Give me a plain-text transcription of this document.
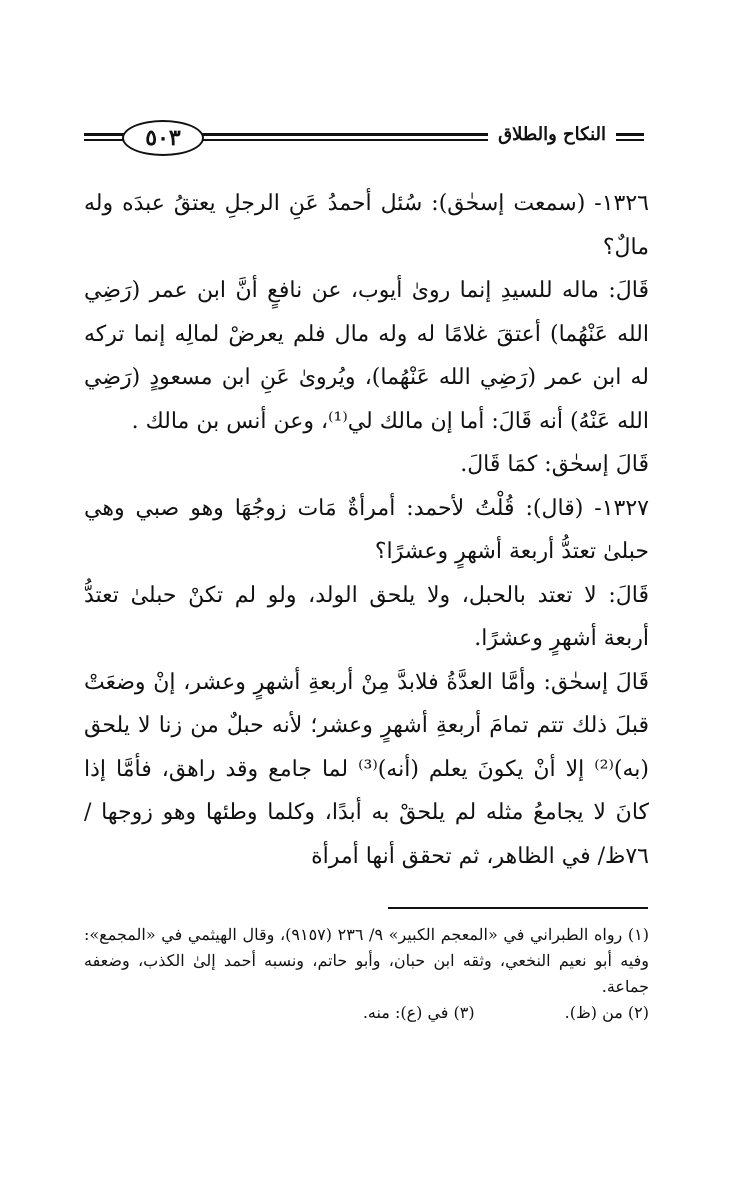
النكاح والطلاق
٥٠٣

١٣٢٦- (سمعت إسحٰق): سُئل أحمدُ عَنِ الرجلِ يعتقُ عبدَه وله مالٌ؟

قَالَ: ماله للسيدِ إنما روىٰ أيوب، عن نافعٍ أنَّ ابن عمر (رَضِي الله عَنْهُما) أعتقَ غلامًا له وله مال فلم يعرضْ لمالِه إنما تركه له ابن عمر (رَضِي الله عَنْهُما)، ويُروىٰ عَنِ ابن مسعودٍ (رَضِي الله عَنْهُ) أنه قَالَ: أما إن مالك لي⁽¹⁾، وعن أنس بن مالك .

قَالَ إسحٰق: كمَا قَالَ.

١٣٢٧- (قال): قُلْتُ لأحمد: أمرأةٌ مَات زوجُهَا وهو صبي وهي حبلىٰ تعتدُّ أربعة أشهرٍ وعشرًا؟

قَالَ: لا تعتد بالحبل، ولا يلحق الولد، ولو لم تكنْ حبلىٰ تعتدُّ أربعة أشهرٍ وعشرًا.

قَالَ إسحٰق: وأمَّا العدَّةُ فلابدَّ مِنْ أربعةِ أشهرٍ وعشر، إنْ وضعَتْ قبلَ ذلك تتم تمامَ أربعةِ أشهرٍ وعشر؛ لأنه حبلٌ من زنا لا يلحق (به)⁽²⁾ إلا أنْ يكونَ يعلم (أنه)⁽³⁾ لما جامع وقد راهق، فأمَّا إذا كانَ لا يجامعُ مثله لم يلحقْ به أبدًا، وكلما وطئها وهو زوجها /٧٦ظ/ في الظاهر، ثم تحقق أنها أمرأة

(١) رواه الطبراني في «المعجم الكبير» ٩/ ٢٣٦ (٩١٥٧)، وقال الهيثمي في «المجمع»: وفيه أبو نعيم النخعي، وثقه ابن حبان، وأبو حاتم، ونسبه أحمد إلىٰ الكذب، وضعفه جماعة.

(٢) من (ظ).
(٣) في (ع): منه.
